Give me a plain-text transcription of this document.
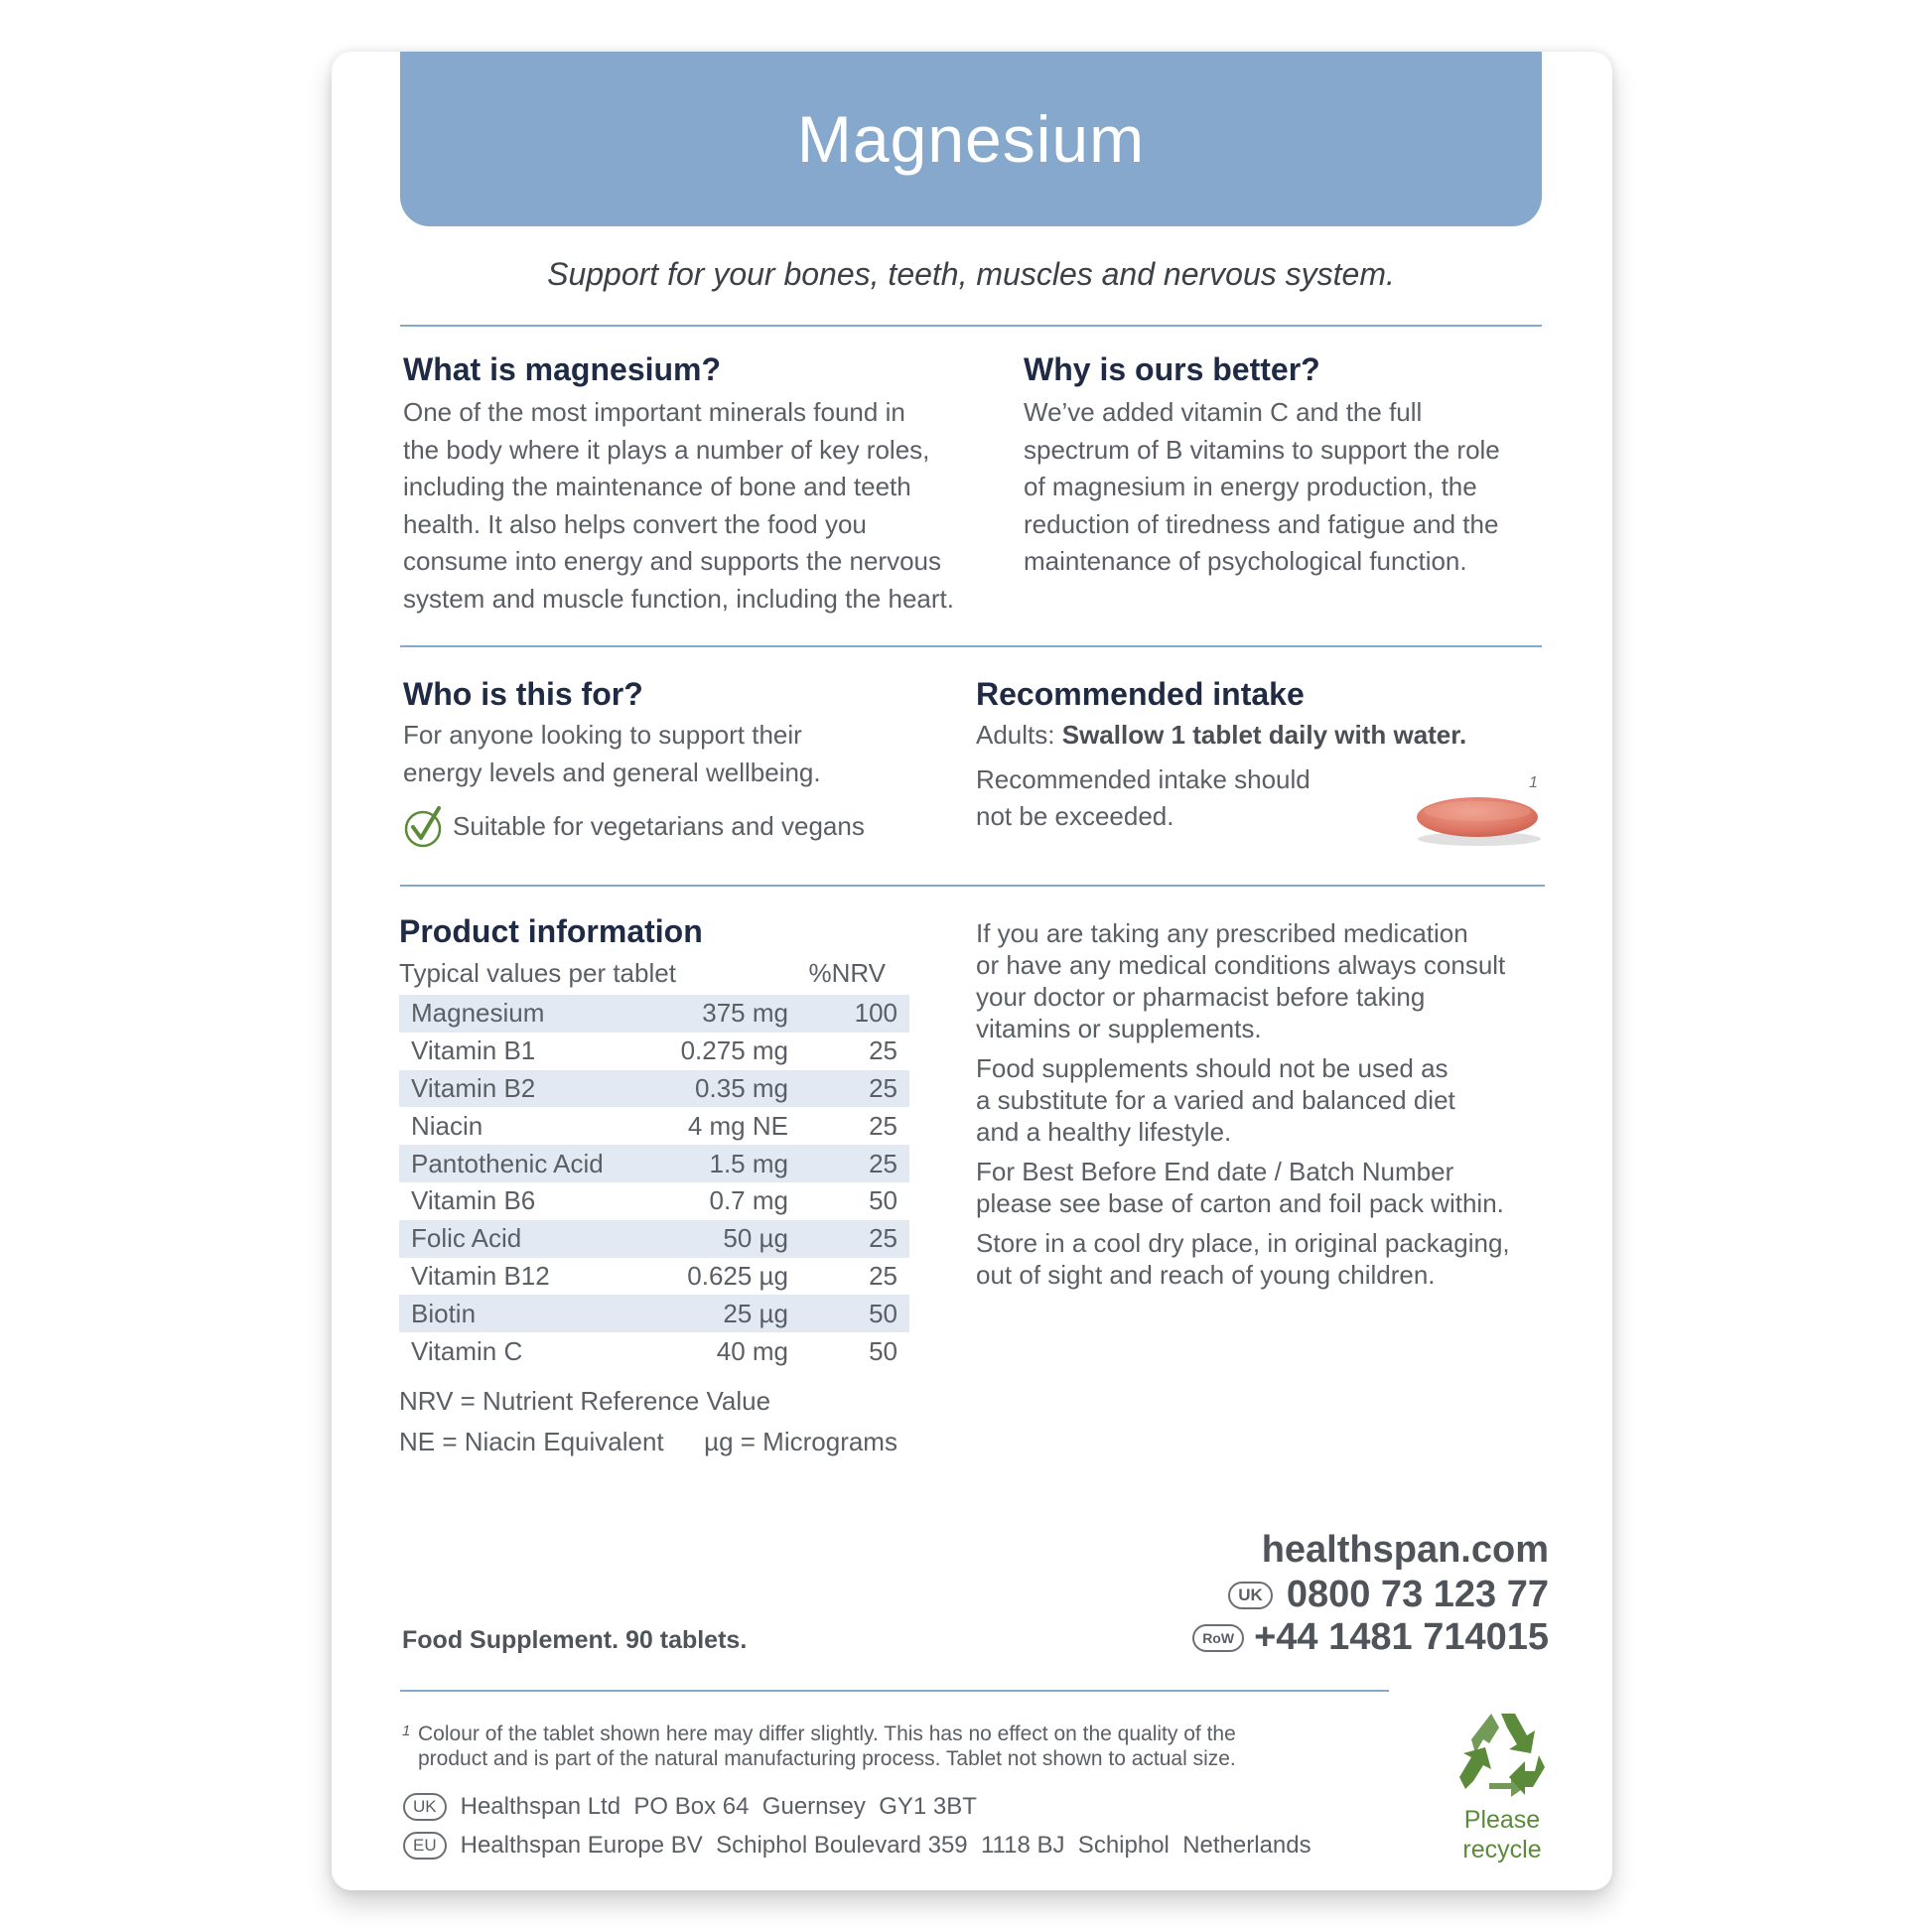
Magnesium
Support for your bones, teeth, muscles and nervous system.
What is magnesium?
One of the most important minerals found in
the body where it plays a number of key roles,
including the maintenance of bone and teeth
health. It also helps convert the food you
consume into energy and supports the nervous
system and muscle function, including the heart.
Why is ours better?
We’ve added vitamin C and the full
spectrum of B vitamins to support the role
of magnesium in energy production, the
reduction of tiredness and fatigue and the
maintenance of psychological function.
Who is this for?
For anyone looking to support their
energy levels and general wellbeing.
Suitable for vegetarians and vegans
Recommended intake
Adults: Swallow 1 tablet daily with water.
Recommended intake should
not be exceeded.
1
Product information
Typical values per tablet	%NRV
Magnesium	375 mg	100
Vitamin B1	0.275 mg	25
Vitamin B2	0.35 mg	25
Niacin	4 mg NE	25
Pantothenic Acid	1.5 mg	25
Vitamin B6	0.7 mg	50
Folic Acid	50 µg	25
Vitamin B12	0.625 µg	25
Biotin	25 µg	50
Vitamin C	40 mg	50
NRV = Nutrient Reference Value
NE = Niacin Equivalent µg = Micrograms

If you are taking any prescribed medication
or have any medical conditions always consult
your doctor or pharmacist before taking
vitamins or supplements.

Food supplements should not be used as
a substitute for a varied and balanced diet
and a healthy lifestyle.

For Best Before End date / Batch Number
please see base of carton and foil pack within.

Store in a cool dry place, in original packaging,
out of sight and reach of young children.

healthspan.com
UK 0800 73 123 77
RoW +44 1481 714015
Food Supplement. 90 tablets.
1 Colour of the tablet shown here may differ slightly. This has no effect on the quality of the
product and is part of the natural manufacturing process. Tablet not shown to actual size.
UK	Healthspan Ltd  PO Box 64  Guernsey  GY1 3BT
EU	Healthspan Europe BV  Schiphol Boulevard 359  1118 BJ  Schiphol  Netherlands
Please
recycle
